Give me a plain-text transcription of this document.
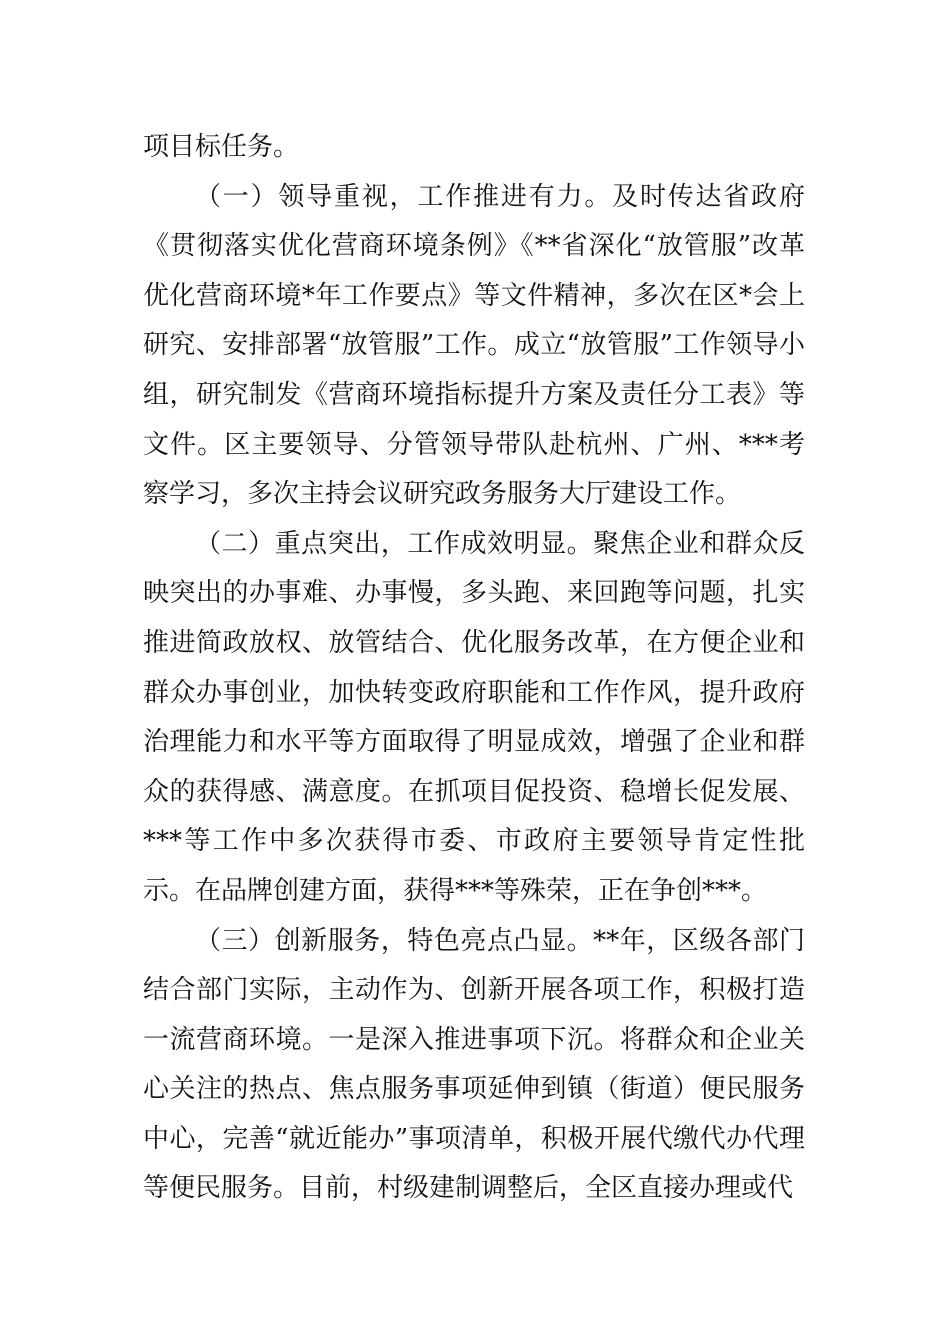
项目标任务。

（一）领导重视，工作推进有力。及时传达省政府《贯彻落实优化营商环境条例》《**省深化“放管服”改革优化营商环境*年工作要点》等文件精神，多次在区*会上研究、安排部署“放管服”工作。成立“放管服”工作领导小组，研究制发《营商环境指标提升方案及责任分工表》等文件。区主要领导、分管领导带队赴杭州、广州、***考察学习，多次主持会议研究政务服务大厅建设工作。

（二）重点突出，工作成效明显。聚焦企业和群众反映突出的办事难、办事慢，多头跑、来回跑等问题，扎实推进简政放权、放管结合、优化服务改革，在方便企业和群众办事创业，加快转变政府职能和工作作风，提升政府治理能力和水平等方面取得了明显成效，增强了企业和群众的获得感、满意度。在抓项目促投资、稳增长促发展、***等工作中多次获得市委、市政府主要领导肯定性批示。在品牌创建方面，获得***等殊荣，正在争创***。

（三）创新服务，特色亮点凸显。**年，区级各部门结合部门实际，主动作为、创新开展各项工作，积极打造一流营商环境。一是深入推进事项下沉。将群众和企业关心关注的热点、焦点服务事项延伸到镇（街道）便民服务中心，完善“就近能办”事项清单，积极开展代缴代办代理等便民服务。目前，村级建制调整后，全区直接办理或代
